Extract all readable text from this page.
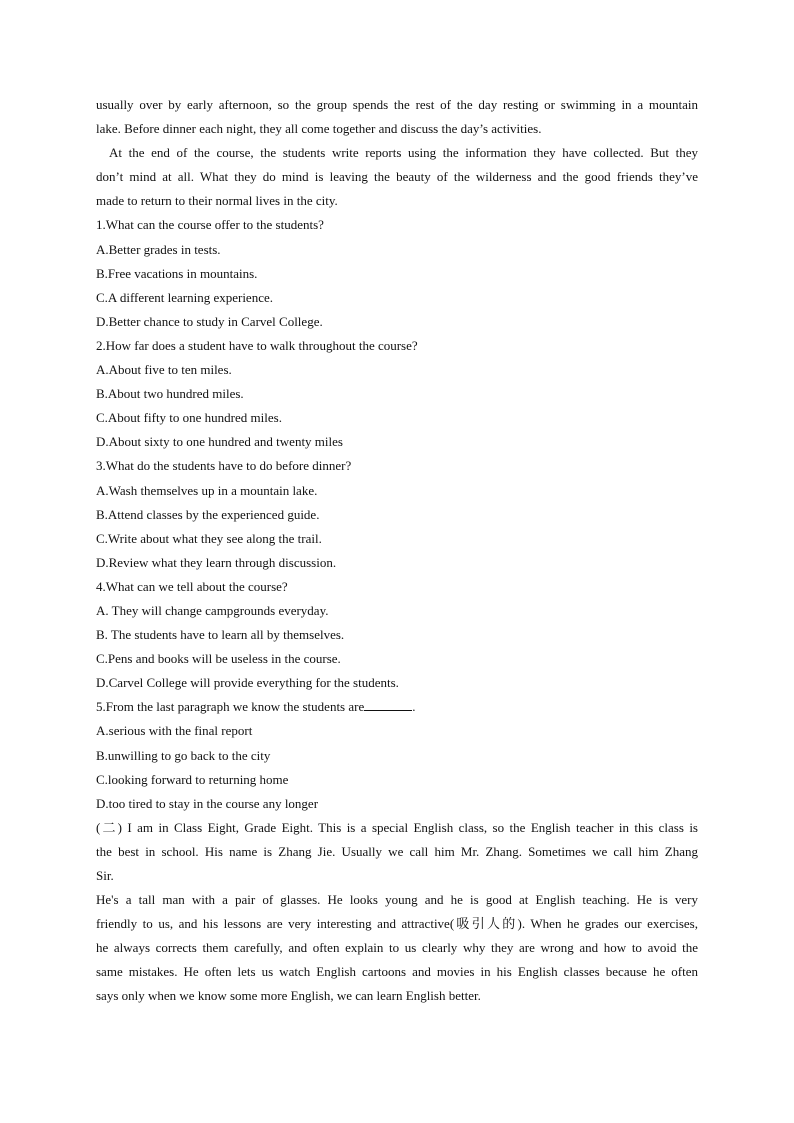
usually over by early afternoon, so the group spends the rest of the day resting or swimming in a mountain
lake. Before dinner each night, they all come together and discuss the day’s activities.
At the end of the course, the students write reports using the information they have collected. But they
don’t mind at all. What they do mind is leaving the beauty of the wilderness and the good friends they’ve
made to return to their normal lives in the city.
1.What can the course offer to the students?
A.Better grades in tests.
B.Free vacations in mountains.
C.A different learning experience.
D.Better chance to study in Carvel College.
2.How far does a student have to walk throughout the course?
A.About five to ten miles.
B.About two hundred miles.
C.About fifty to one hundred miles.
D.About sixty to one hundred and twenty miles
3.What do the students have to do before dinner?
A.Wash themselves up in a mountain lake.
B.Attend classes by the experienced guide.
C.Write about what they see along the trail.
D.Review what they learn through discussion.
4.What can we tell about the course?
A. They will change campgrounds everyday.
B. The students have to learn all by themselves.
C.Pens and books will be useless in the course.
D.Carvel College will provide everything for the students.
5.From the last paragraph we know the students are	.
A.serious with the final report
B.unwilling to go back to the city
C.looking forward to returning home
D.too tired to stay in the course any longer
(二) I am in Class Eight, Grade Eight. This is a special English class, so the English teacher in this class is
the best in school. His name is Zhang Jie. Usually we call him Mr. Zhang. Sometimes we call him Zhang
Sir.
He's a tall man with a pair of glasses. He looks young and he is good at English teaching. He is very
friendly to us, and his lessons are very interesting and attractive(吸引人的). When he grades our exercises,
he always corrects them carefully, and often explain to us clearly why they are wrong and how to avoid the
same mistakes. He often lets us watch English cartoons and movies in his English classes because he often
says only when we know some more English, we can learn English better.
